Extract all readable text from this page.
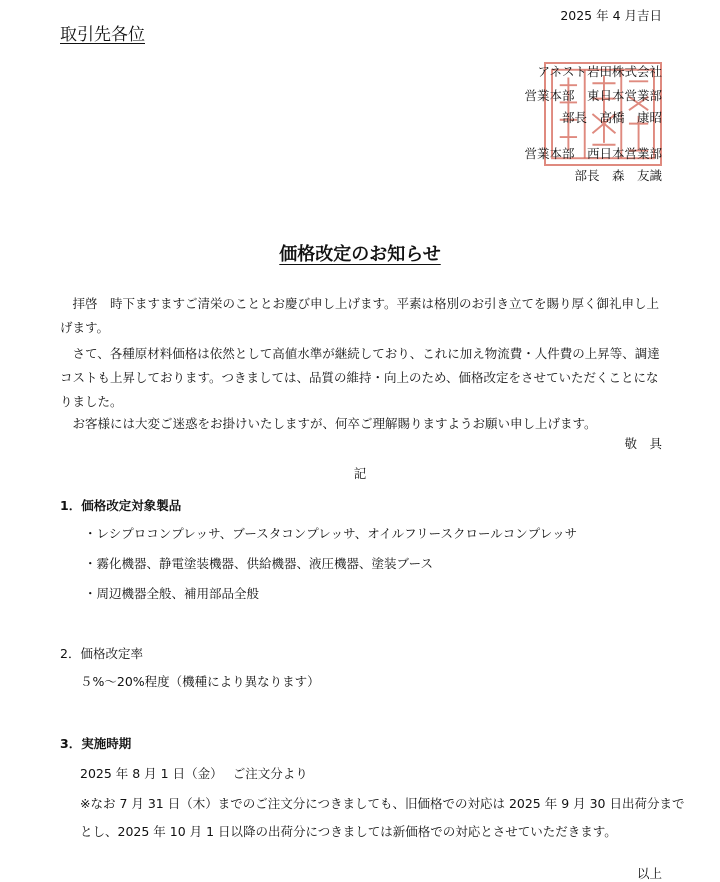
2025 年 4 月吉日
取引先各位
アネスト岩田株式会社
営業本部　東日本営業部
部長　高橋　康昭
営業本部　西日本営業部
部長　森　友識
価格改定のお知らせ
　拝啓　時下ますますご清栄のこととお慶び申し上げます。平素は格別のお引き立てを賜り厚く御礼申し上げます。
　さて、各種原材料価格は依然として高値水準が継続しており、これに加え物流費・人件費の上昇等、調達コストも上昇しております。つきましては、品質の維持・向上のため、価格改定をさせていただくことになりました。
　お客様には大変ご迷惑をお掛けいたしますが、何卒ご理解賜りますようお願い申し上げます。
敬　具
記
1．価格改定対象製品
・レシプロコンプレッサ、ブースタコンプレッサ、オイルフリースクロールコンプレッサ
・霧化機器、静電塗装機器、供給機器、液圧機器、塗装ブース
・周辺機器全般、補用部品全般
2．価格改定率
５%～20%程度（機種により異なります）
3．実施時期
2025 年 8 月 1 日（金）　 ご注文分より
※なお 7 月 31 日（木）までのご注文分につきましても、旧価格での対応は 2025 年 9 月 30 日出荷分まで
とし、2025 年 10 月 1 日以降の出荷分につきましては新価格での対応とさせていただきます。
以上
